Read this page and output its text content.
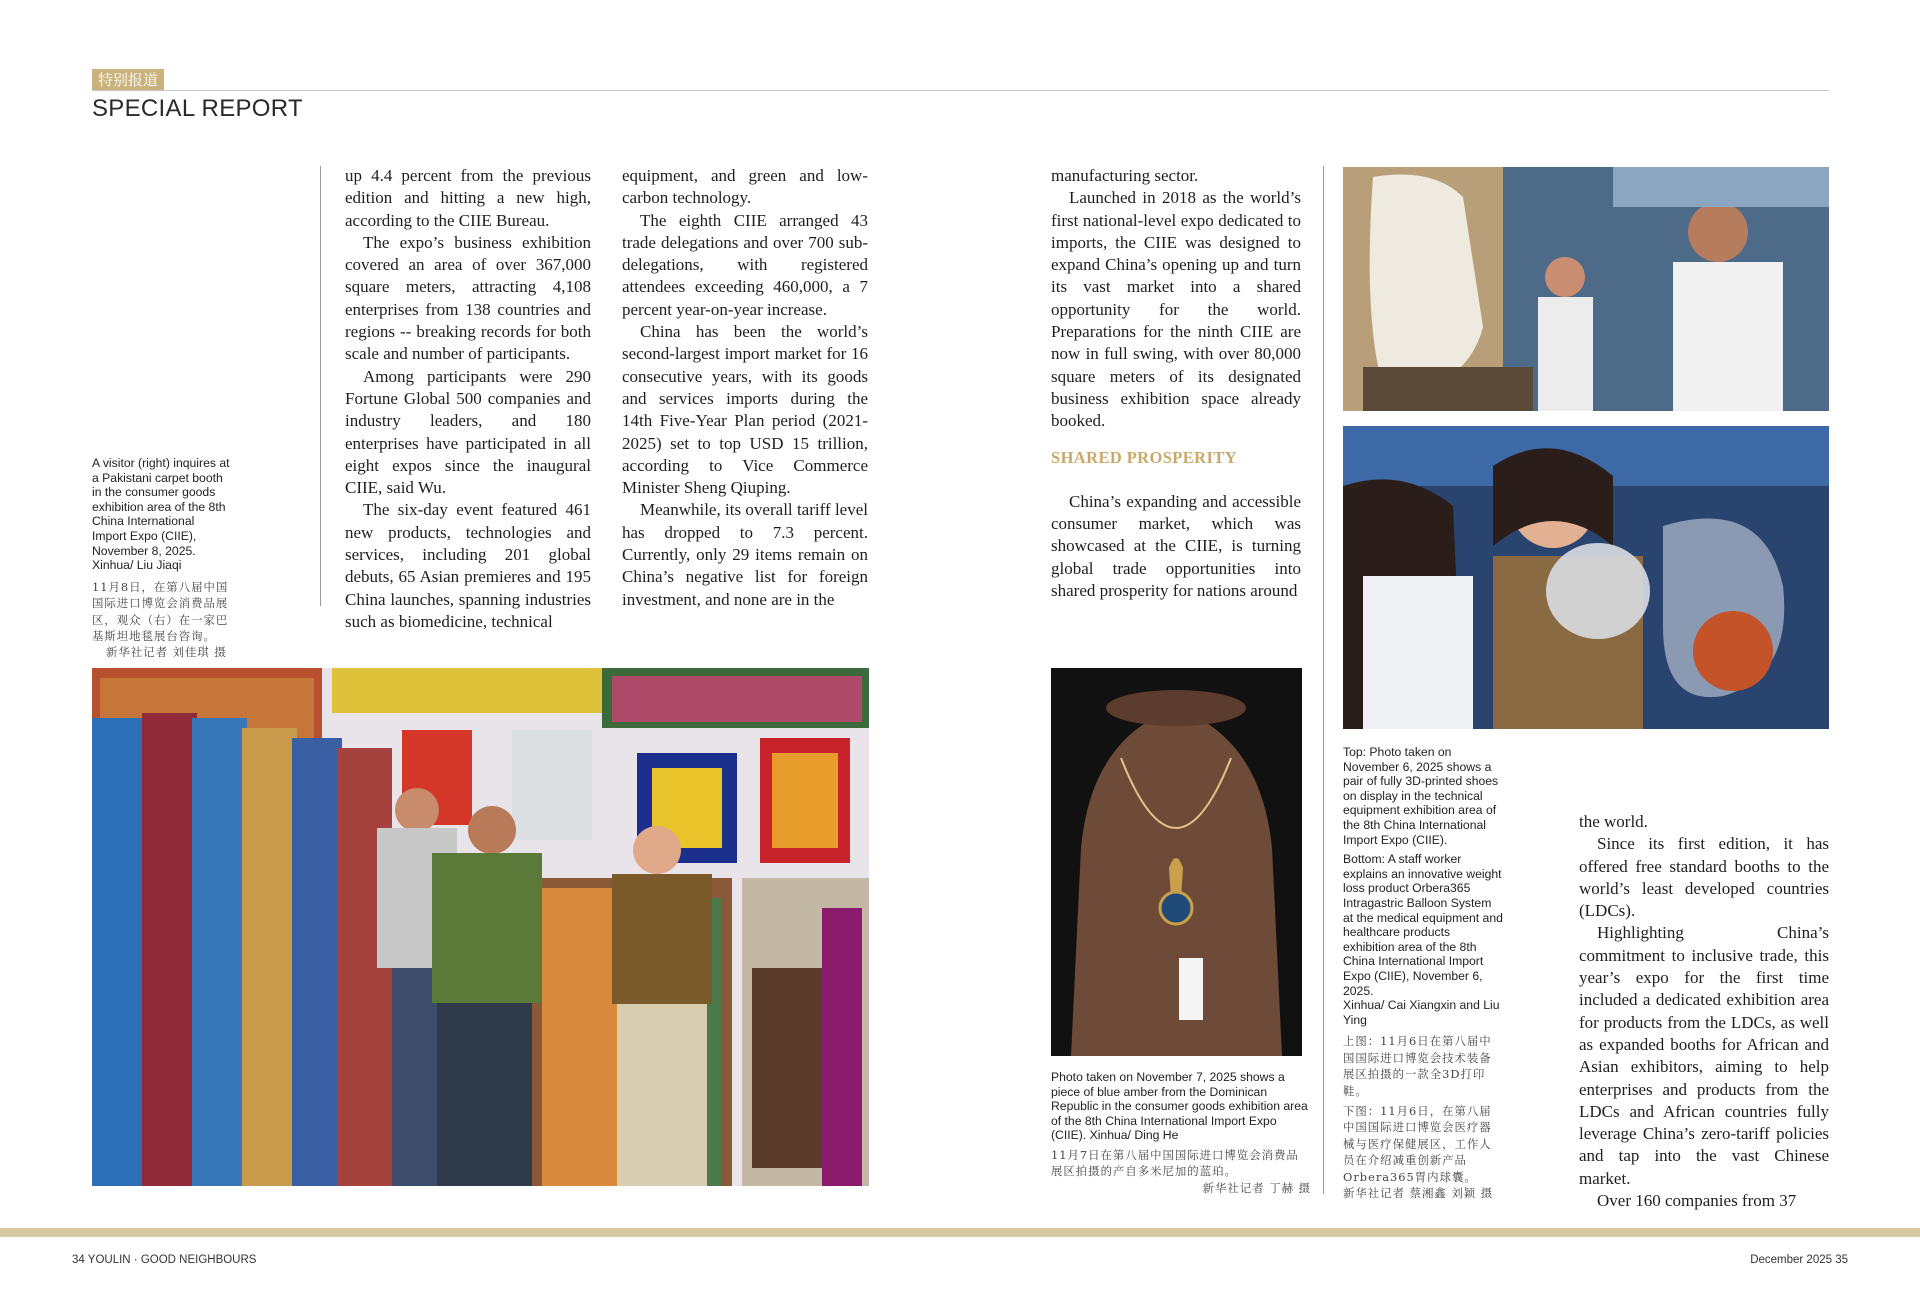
特别报道
SPECIAL REPORT
A visitor (right) inquires at a Pakistani carpet booth in the consumer goods exhibition area of the 8th China International Import Expo (CIIE), November 8, 2025. Xinhua/ Liu Jiaqi
11月8日，在第八届中国国际进口博览会消费品展区，观众（右）在一家巴基斯坦地毯展台咨询。
新华社记者 刘佳琪 摄

up 4.4 percent from the previous edition and hitting a new high, according to the CIIE Bureau.

The expo’s business exhibition covered an area of over 367,000 square meters, attracting 4,108 enterprises from 138 countries and regions -- breaking records for both scale and number of participants.

Among participants were 290 Fortune Global 500 companies and industry leaders, and 180 enterprises have participated in all eight expos since the inaugural CIIE, said Wu.

The six-day event featured 461 new products, technologies and services, including 201 global debuts, 65 Asian premieres and 195 China launches, spanning industries such as biomedicine, technical

equipment, and green and low-carbon technology.

The eighth CIIE arranged 43 trade delegations and over 700 sub-delegations, with registered attendees exceeding 460,000, a 7 percent year-on-year increase.

China has been the world’s second-largest import market for 16 consecutive years, with its goods and services imports during the 14th Five-Year Plan period (2021-2025) set to top USD 15 trillion, according to Vice Commerce Minister Sheng Qiuping.

Meanwhile, its overall tariff level has dropped to 7.3 percent. Currently, only 29 items remain on China’s negative list for foreign investment, and none are in the

manufacturing sector.

Launched in 2018 as the world’s first national-level expo dedicated to imports, the CIIE was designed to expand China’s opening up and turn its vast market into a shared opportunity for the world. Preparations for the ninth CIIE are now in full swing, with over 80,000 square meters of its designated business exhibition space already booked.

SHARED PROSPERITY

China’s expanding and accessible consumer market, which was showcased at the CIIE, is turning global trade opportunities into shared prosperity for nations around

Photo taken on November 7, 2025 shows a piece of blue amber from the Dominican Republic in the consumer goods exhibition area of the 8th China International Import Expo (CIIE). Xinhua/ Ding He
11月7日在第八届中国国际进口博览会消费品展区拍摄的产自多米尼加的蓝珀。
新华社记者 丁赫 摄
Top: Photo taken on November 6, 2025 shows a pair of fully 3D-printed shoes on display in the technical equipment exhibition area of the 8th China International Import Expo (CIIE).
Bottom: A staff worker explains an innovative weight loss product Orbera365 Intragastric Balloon System at the medical equipment and healthcare products exhibition area of the 8th China International Import Expo (CIIE), November 6, 2025.
Xinhua/ Cai Xiangxin and Liu Ying
上图：11月6日在第八届中国国际进口博览会技术装备展区拍摄的一款全3D打印鞋。
下图：11月6日，在第八届中国国际进口博览会医疗器械与医疗保健展区，工作人员在介绍减重创新产品Orbera365胃内球囊。
新华社记者 蔡湘鑫 刘颖 摄

the world.

Since its first edition, it has offered free standard booths to the world’s least developed countries (LDCs).

Highlighting China’s commitment to inclusive trade, this year’s expo for the first time included a dedicated exhibition area for products from the LDCs, as well as expanded booths for African and Asian exhibitors, aiming to help enterprises and products from the LDCs and African countries fully leverage China’s zero-tariff policies and tap into the vast Chinese market.

Over 160 companies from 37

34 YOULIN · GOOD NEIGHBOURS	December 2025 35
